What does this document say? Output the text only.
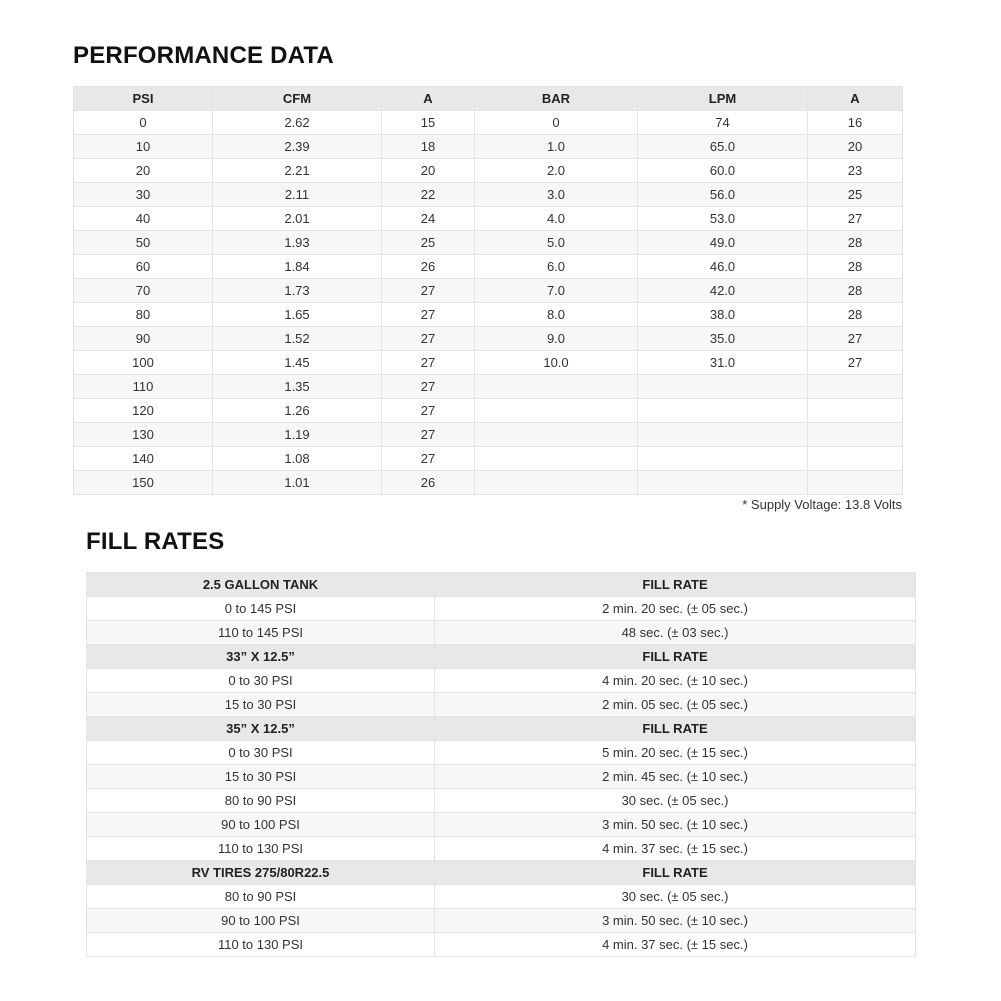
PERFORMANCE DATA
PSI	CFM	A	BAR	LPM	A
0	2.62	15	0	74	16
10	2.39	18	1.0	65.0	20
20	2.21	20	2.0	60.0	23
30	2.11	22	3.0	56.0	25
40	2.01	24	4.0	53.0	27
50	1.93	25	5.0	49.0	28
60	1.84	26	6.0	46.0	28
70	1.73	27	7.0	42.0	28
80	1.65	27	8.0	38.0	28
90	1.52	27	9.0	35.0	27
100	1.45	27	10.0	31.0	27
110	1.35	27			
120	1.26	27			
130	1.19	27			
140	1.08	27			
150	1.01	26			
* Supply Voltage: 13.8 Volts
FILL RATES
2.5 GALLON TANK	FILL RATE
0 to 145 PSI	2 min. 20 sec. (± 05 sec.)
110 to 145 PSI	48 sec. (± 03 sec.)
33” X 12.5”	FILL RATE
0 to 30 PSI	4 min. 20 sec. (± 10 sec.)
15 to 30 PSI	2 min. 05 sec. (± 05 sec.)
35” X 12.5”	FILL RATE
0 to 30 PSI	5 min. 20 sec. (± 15 sec.)
15 to 30 PSI	2 min. 45 sec. (± 10 sec.)
80 to 90 PSI	30 sec. (± 05 sec.)
90 to 100 PSI	3 min. 50 sec. (± 10 sec.)
110 to 130 PSI	4 min. 37 sec. (± 15 sec.)
RV TIRES 275/80R22.5	FILL RATE
80 to 90 PSI	30 sec. (± 05 sec.)
90 to 100 PSI	3 min. 50 sec. (± 10 sec.)
110 to 130 PSI	4 min. 37 sec. (± 15 sec.)
